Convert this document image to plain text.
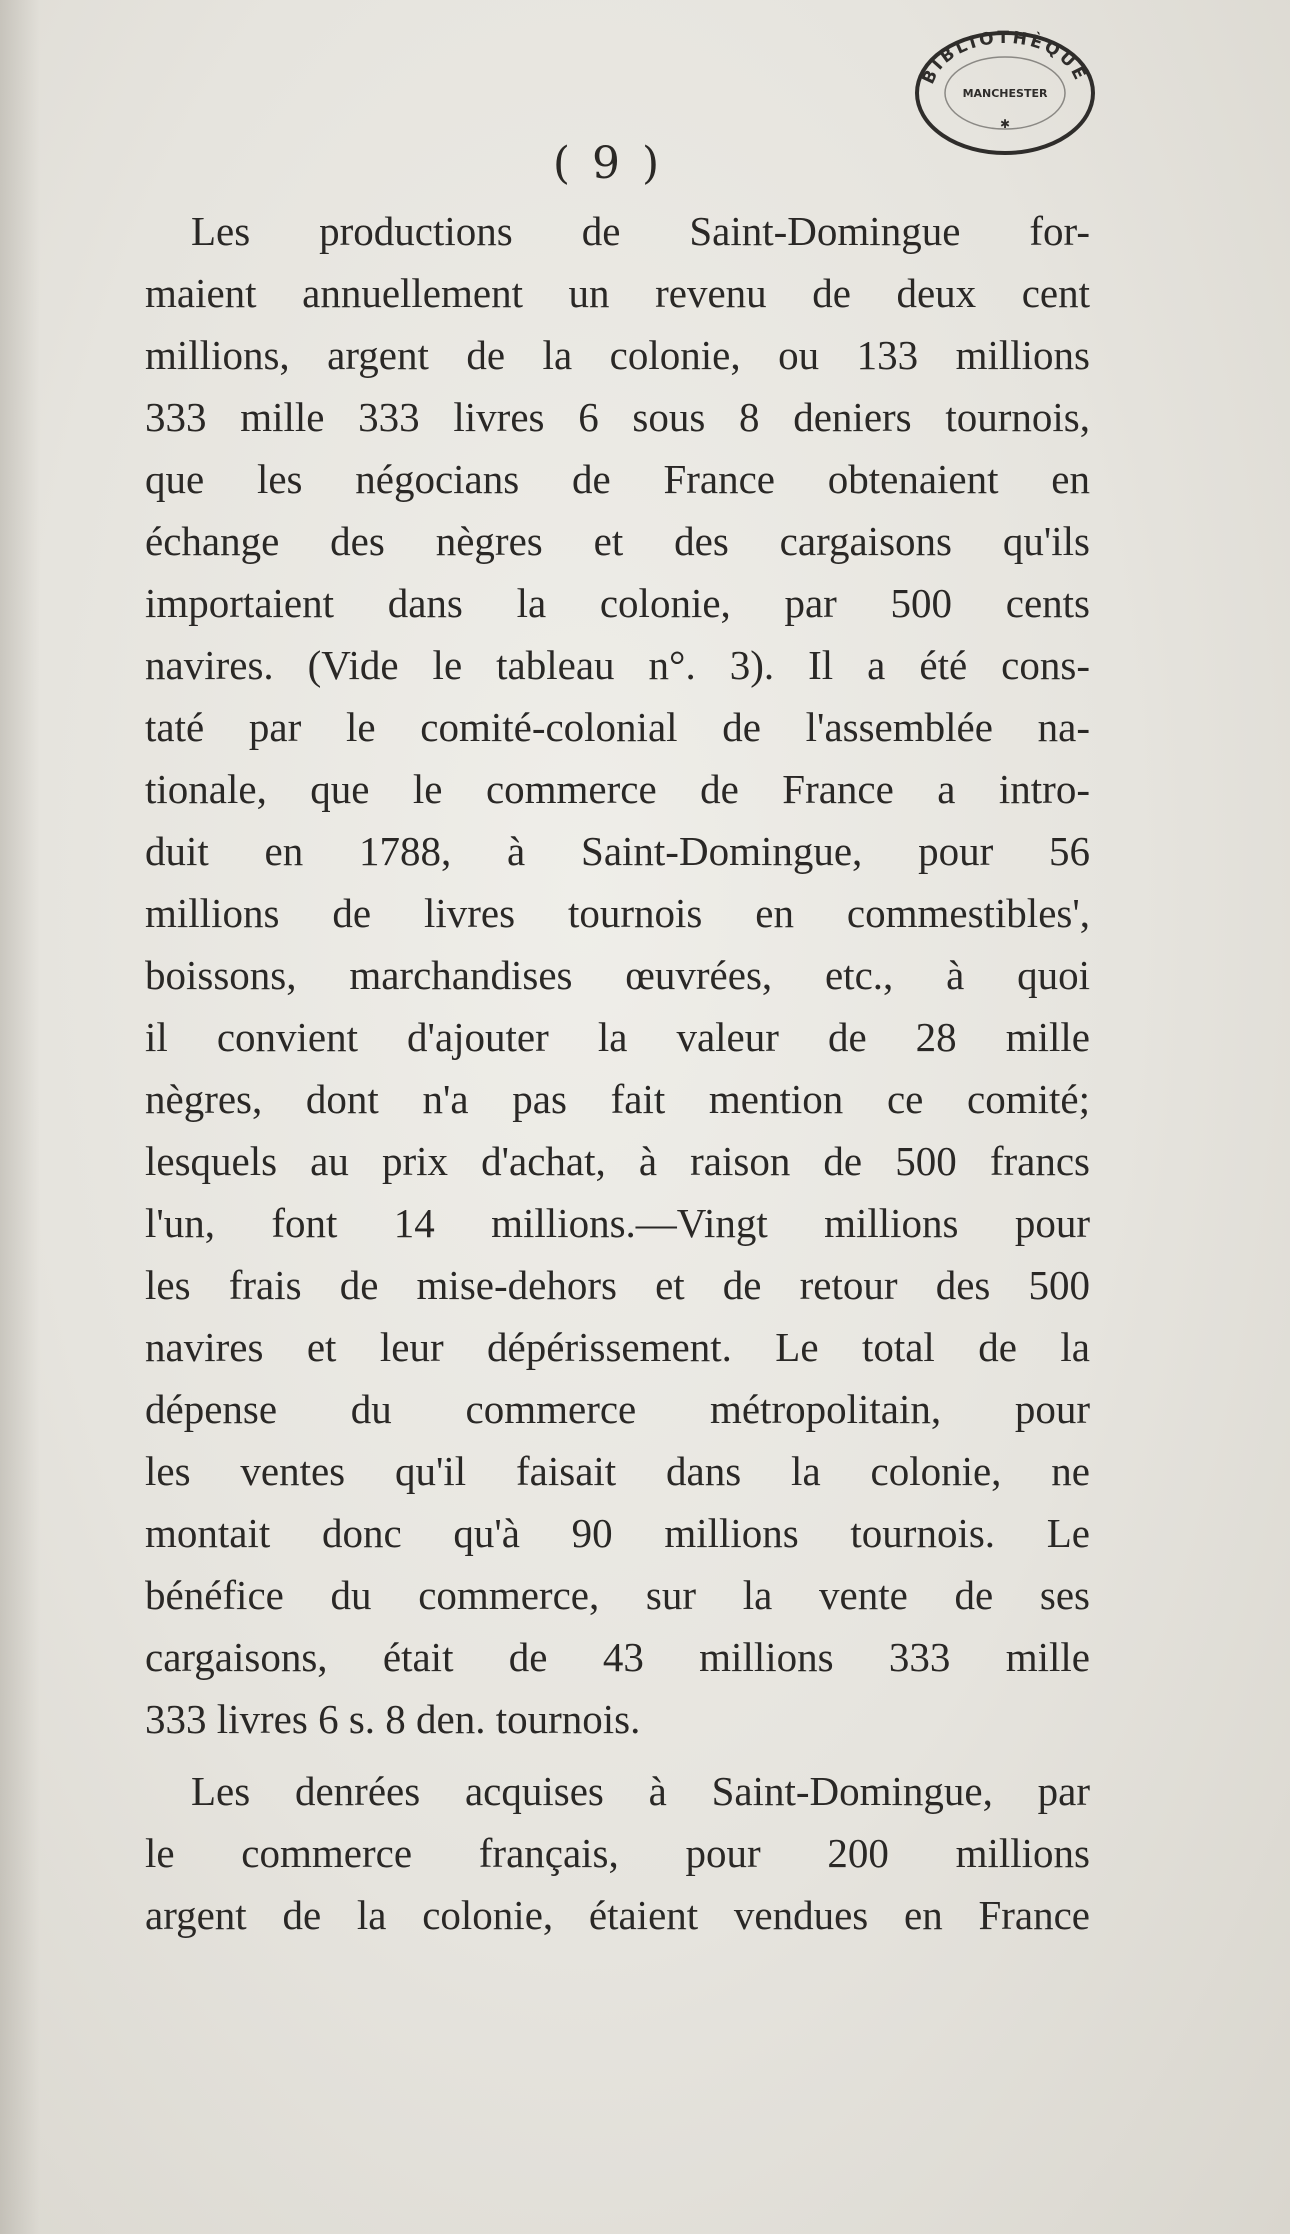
BIBLIOTHÈQUE
MANCHESTER
✱
( 9 )
Les productions de Saint-Domingue for-
maient annuellement un revenu de deux cent
millions, argent de la colonie, ou 133 millions
333 mille 333 livres 6 sous 8 deniers tournois,
que les négocians de France obtenaient en
échange des nègres et des cargaisons qu'ils
importaient dans la colonie, par 500 cents
navires. (Vide le tableau n°. 3). Il a été cons-
taté par le comité-colonial de l'assemblée na-
tionale, que le commerce de France a intro-
duit en 1788, à Saint-Domingue, pour 56
millions de livres tournois en commestibles',
boissons, marchandises œuvrées, etc., à quoi
il convient d'ajouter la valeur de 28 mille
nègres, dont n'a pas fait mention ce comité;
lesquels au prix d'achat, à raison de 500 francs
l'un, font 14 millions.—Vingt millions pour
les frais de mise-dehors et de retour des 500
navires et leur dépérissement. Le total de la
dépense du commerce métropolitain, pour
les ventes qu'il faisait dans la colonie, ne
montait donc qu'à 90 millions tournois. Le
bénéfice du commerce, sur la vente de ses
cargaisons, était de 43 millions 333 mille
333 livres 6 s. 8 den. tournois.
Les denrées acquises à Saint-Domingue, par
le commerce français, pour 200 millions
argent de la colonie, étaient vendues en France
